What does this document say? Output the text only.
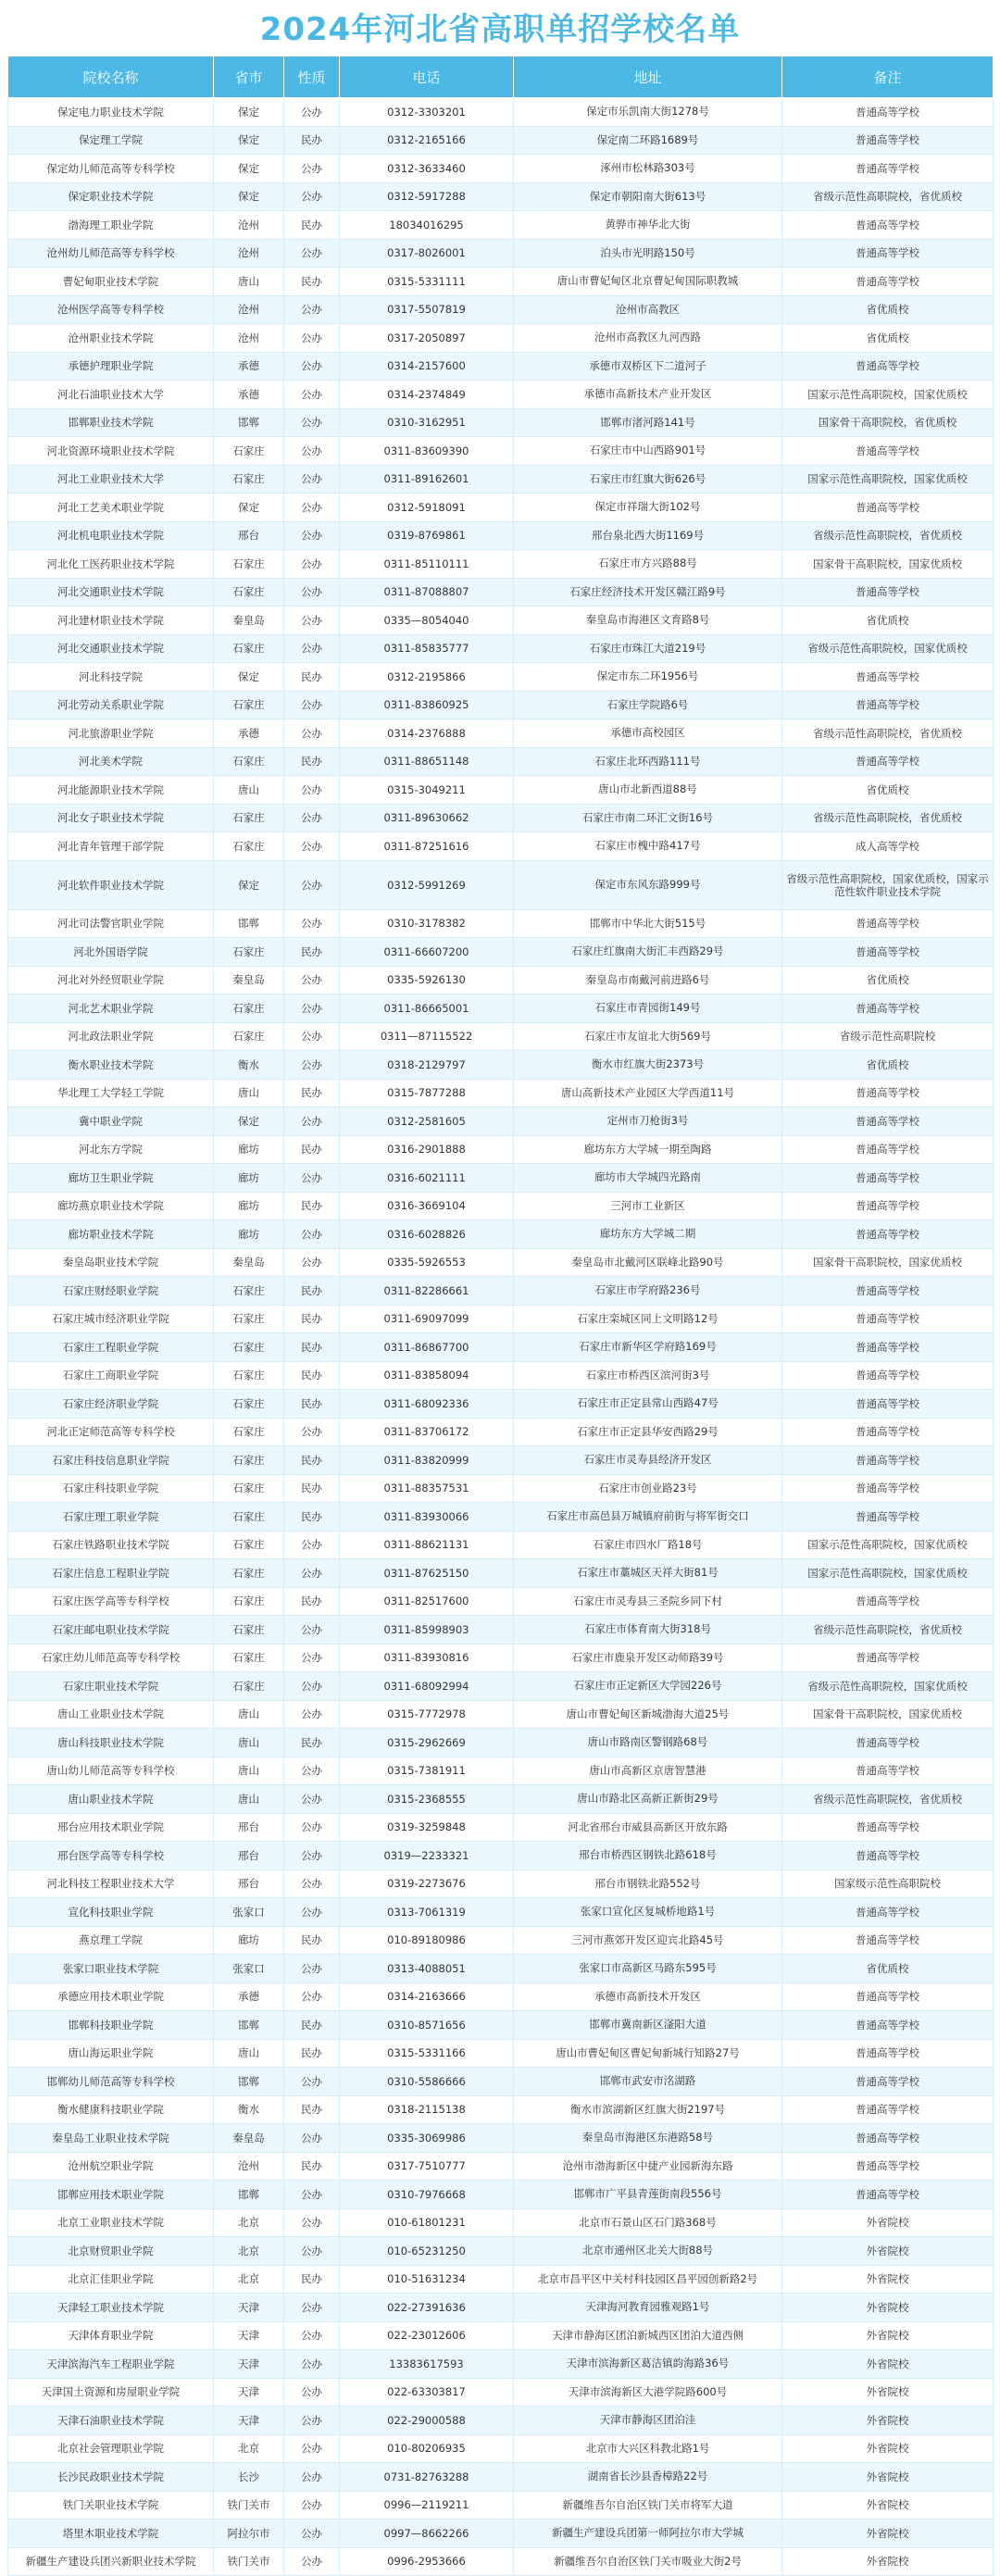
2024年河北省高职单招学校名单
院校名称	省市	性质	电话	地址	备注
保定电力职业技术学院	保定	公办	0312-3303201	保定市乐凯南大街1278号	普通高等学校
保定理工学院	保定	民办	0312-2165166	保定南二环路1689号	普通高等学校
保定幼儿师范高等专科学校	保定	公办	0312-3633460	涿州市松林路303号	普通高等学校
保定职业技术学院	保定	公办	0312-5917288	保定市朝阳南大街613号	省级示范性高职院校，省优质校
渤海理工职业学院	沧州	民办	18034016295	黄骅市神华北大街	普通高等学校
沧州幼儿师范高等专科学校	沧州	公办	0317-8026001	泊头市光明路150号	普通高等学校
曹妃甸职业技术学院	唐山	民办	0315-5331111	唐山市曹妃甸区北京曹妃甸国际职教城	普通高等学校
沧州医学高等专科学校	沧州	公办	0317-5507819	沧州市高教区	省优质校
沧州职业技术学院	沧州	公办	0317-2050897	沧州市高教区九河西路	省优质校
承德护理职业学院	承德	公办	0314-2157600	承德市双桥区下二道河子	普通高等学校
河北石油职业技术大学	承德	公办	0314-2374849	承德市高新技术产业开发区	国家示范性高职院校，国家优质校
邯郸职业技术学院	邯郸	公办	0310-3162951	邯郸市渚河路141号	国家骨干高职院校，省优质校
河北资源环境职业技术学院	石家庄	公办	0311-83609390	石家庄市中山西路901号	普通高等学校
河北工业职业技术大学	石家庄	公办	0311-89162601	石家庄市红旗大街626号	国家示范性高职院校，国家优质校
河北工艺美术职业学院	保定	公办	0312-5918091	保定市祥瑞大街102号	普通高等学校
河北机电职业技术学院	邢台	公办	0319-8769861	邢台泉北西大街1169号	省级示范性高职院校，省优质校
河北化工医药职业技术学院	石家庄	公办	0311-85110111	石家庄市方兴路88号	国家骨干高职院校，国家优质校
河北交通职业技术学院	石家庄	公办	0311-87088807	石家庄经济技术开发区赣江路9号	普通高等学校
河北建材职业技术学院	秦皇岛	公办	0335—8054040	秦皇岛市海港区文育路8号	省优质校
河北交通职业技术学院	石家庄	公办	0311-85835777	石家庄市珠江大道219号	省级示范性高职院校，国家优质校
河北科技学院	保定	民办	0312-2195866	保定市东二环1956号	普通高等学校
河北劳动关系职业学院	石家庄	公办	0311-83860925	石家庄学院路6号	普通高等学校
河北旅游职业学院	承德	公办	0314-2376888	承德市高校园区	省级示范性高职院校，省优质校
河北美术学院	石家庄	民办	0311-88651148	石家庄北环西路111号	普通高等学校
河北能源职业技术学院	唐山	公办	0315-3049211	唐山市北新西道88号	省优质校
河北女子职业技术学院	石家庄	公办	0311-89630662	石家庄市南二环汇文街16号	省级示范性高职院校，省优质校
河北青年管理干部学院	石家庄	公办	0311-87251616	石家庄市槐中路417号	成人高等学校
河北软件职业技术学院	保定	公办	0312-5991269	保定市东风东路999号	省级示范性高职院校，国家优质校，国家示范性软件职业技术学院
河北司法警官职业学院	邯郸	公办	0310-3178382	邯郸市中华北大街515号	普通高等学校
河北外国语学院	石家庄	民办	0311-66607200	石家庄红旗南大街汇丰西路29号	普通高等学校
河北对外经贸职业学院	秦皇岛	公办	0335-5926130	秦皇岛市南戴河前进路6号	省优质校
河北艺术职业学院	石家庄	公办	0311-86665001	石家庄市青园街149号	普通高等学校
河北政法职业学院	石家庄	公办	0311—87115522	石家庄市友谊北大街569号	省级示范性高职院校
衡水职业技术学院	衡水	公办	0318-2129797	衡水市红旗大街2373号	省优质校
华北理工大学轻工学院	唐山	民办	0315-7877288	唐山高新技术产业园区大学西道11号	普通高等学校
冀中职业学院	保定	公办	0312-2581605	定州市刀枪街3号	普通高等学校
河北东方学院	廊坊	民办	0316-2901888	廊坊东方大学城一期至陶路	普通高等学校
廊坊卫生职业学院	廊坊	公办	0316-6021111	廊坊市大学城四光路南	普通高等学校
廊坊燕京职业技术学院	廊坊	民办	0316-3669104	三河市工业新区	普通高等学校
廊坊职业技术学院	廊坊	公办	0316-6028826	廊坊东方大学城二期	普通高等学校
秦皇岛职业技术学院	秦皇岛	公办	0335-5926553	秦皇岛市北戴河区联峰北路90号	国家骨干高职院校，国家优质校
石家庄财经职业学院	石家庄	民办	0311-82286661	石家庄市学府路236号	普通高等学校
石家庄城市经济职业学院	石家庄	民办	0311-69097099	石家庄栾城区同上文明路12号	普通高等学校
石家庄工程职业学院	石家庄	民办	0311-86867700	石家庄市新华区学府路169号	普通高等学校
石家庄工商职业学院	石家庄	民办	0311-83858094	石家庄市桥西区滨河街3号	普通高等学校
石家庄经济职业学院	石家庄	民办	0311-68092336	石家庄市正定县常山西路47号	普通高等学校
河北正定师范高等专科学校	石家庄	公办	0311-83706172	石家庄市正定县华安西路29号	普通高等学校
石家庄科技信息职业学院	石家庄	民办	0311-83820999	石家庄市灵寿县经济开发区	普通高等学校
石家庄科技职业学院	石家庄	民办	0311-88357531	石家庄市创业路23号	普通高等学校
石家庄理工职业学院	石家庄	民办	0311-83930066	石家庄市高邑县万城镇府前街与将军街交口	普通高等学校
石家庄铁路职业技术学院	石家庄	公办	0311-88621131	石家庄市四水厂路18号	国家示范性高职院校，国家优质校
石家庄信息工程职业学院	石家庄	公办	0311-87625150	石家庄市藁城区天祥大街81号	国家示范性高职院校，国家优质校
石家庄医学高等专科学校	石家庄	民办	0311-82517600	石家庄市灵寿县三圣院乡同下村	普通高等学校
石家庄邮电职业技术学院	石家庄	公办	0311-85998903	石家庄市体育南大街318号	省级示范性高职院校，省优质校
石家庄幼儿师范高等专科学校	石家庄	公办	0311-83930816	石家庄市鹿泉开发区动师路39号	普通高等学校
石家庄职业技术学院	石家庄	公办	0311-68092994	石家庄市正定新区大学园226号	省级示范性高职院校，国家优质校
唐山工业职业技术学院	唐山	公办	0315-7772978	唐山市曹妃甸区新城渤海大道25号	国家骨干高职院校，国家优质校
唐山科技职业技术学院	唐山	民办	0315-2962669	唐山市路南区警钢路68号	普通高等学校
唐山幼儿师范高等专科学校	唐山	公办	0315-7381911	唐山市高新区京唐智慧港	普通高等学校
唐山职业技术学院	唐山	公办	0315-2368555	唐山市路北区高新正新街29号	省级示范性高职院校，省优质校
邢台应用技术职业学院	邢台	公办	0319-3259848	河北省邢台市威县高新区开放东路	普通高等学校
邢台医学高等专科学校	邢台	公办	0319—2233321	邢台市桥西区钢铁北路618号	普通高等学校
河北科技工程职业技术大学	邢台	公办	0319-2273676	邢台市钢铁北路552号	国家级示范性高职院校
宣化科技职业学院	张家口	公办	0313-7061319	张家口宣化区复城桥地路1号	普通高等学校
燕京理工学院	廊坊	民办	010-89180986	三河市燕郊开发区迎宾北路45号	普通高等学校
张家口职业技术学院	张家口	公办	0313-4088051	张家口市高新区马路东595号	省优质校
承德应用技术职业学院	承德	公办	0314-2163666	承德市高新技术开发区	普通高等学校
邯郸科技职业学院	邯郸	民办	0310-8571656	邯郸市冀南新区滏阳大道	普通高等学校
唐山海运职业学院	唐山	民办	0315-5331166	唐山市曹妃甸区曹妃甸新城行知路27号	普通高等学校
邯郸幼儿师范高等专科学校	邯郸	公办	0310-5586666	邯郸市武安市洺湖路	普通高等学校
衡水健康科技职业学院	衡水	民办	0318-2115138	衡水市滨湖新区红旗大街2197号	普通高等学校
秦皇岛工业职业技术学院	秦皇岛	公办	0335-3069986	秦皇岛市海港区东港路58号	普通高等学校
沧州航空职业学院	沧州	民办	0317-7510777	沧州市渤海新区中捷产业园新海东路	普通高等学校
邯郸应用技术职业学院	邯郸	公办	0310-7976668	邯郸市广平县青莲街南段556号	普通高等学校
北京工业职业技术学院	北京	公办	010-61801231	北京市石景山区石门路368号	外省院校
北京财贸职业学院	北京	公办	010-65231250	北京市通州区北关大街88号	外省院校
北京汇佳职业学院	北京	民办	010-51631234	北京市昌平区中关村科技园区昌平园创新路2号	外省院校
天津轻工职业技术学院	天津	公办	022-27391636	天津海河教育园雅观路1号	外省院校
天津体育职业学院	天津	公办	022-23012606	天津市静海区团泊新城西区团泊大道西侧	外省院校
天津滨海汽车工程职业学院	天津	公办	13383617593	天津市滨海新区葛洁镇韵海路36号	外省院校
天津国土资源和房屋职业学院	天津	公办	022-63303817	天津市滨海新区大港学院路600号	外省院校
天津石油职业技术学院	天津	公办	022-29000588	天津市静海区团泊洼	外省院校
北京社会管理职业学院	北京	公办	010-80206935	北京市大兴区科教北路1号	外省院校
长沙民政职业技术学院	长沙	公办	0731-82763288	湖南省长沙县香樟路22号	外省院校
铁门关职业技术学院	铁门关市	公办	0996—2119211	新疆维吾尔自治区铁门关市将军大道	外省院校
塔里木职业技术学院	阿拉尔市	公办	0997—8662266	新疆生产建设兵团第一师阿拉尔市大学城	外省院校
新疆生产建设兵团兴新职业技术学院	铁门关市	公办	0996-2953666	新疆维吾尔自治区铁门关市吸业大街2号	外省院校
